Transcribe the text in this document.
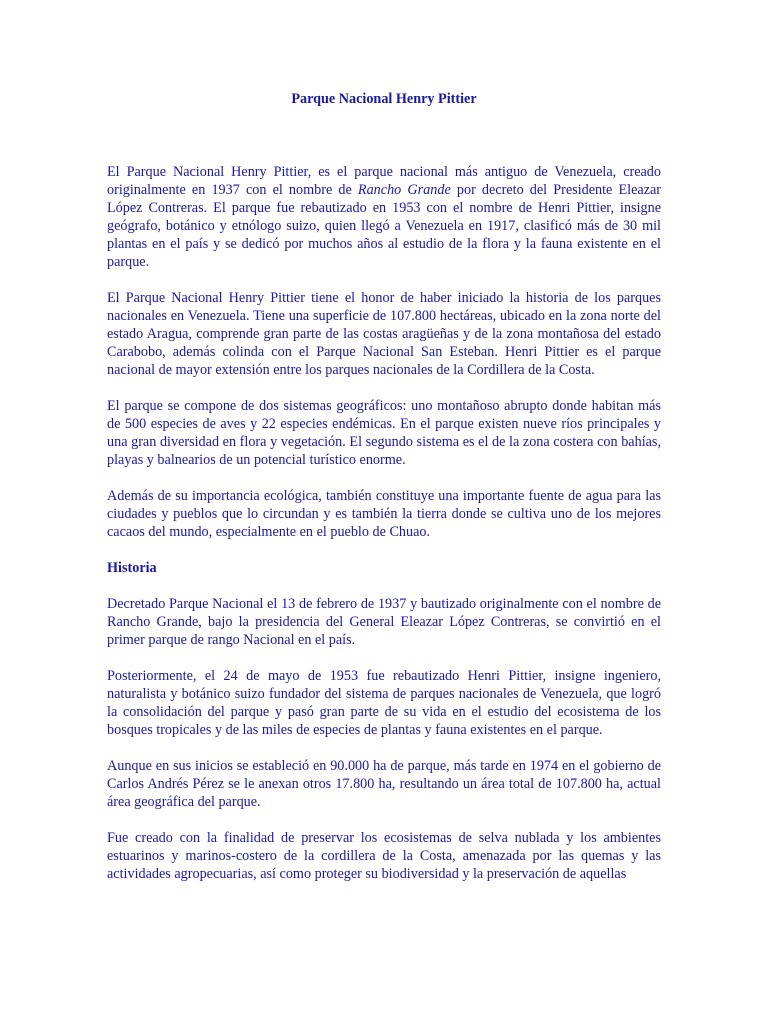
Parque Nacional Henry Pittier

El Parque Nacional Henry Pittier, es el parque nacional más antiguo de Venezuela, creado originalmente en 1937 con el nombre de Rancho Grande por decreto del Presidente Eleazar López Contreras. El parque fue rebautizado en 1953 con el nombre de Henri Pittier, insigne geógrafo, botánico y etnólogo suizo, quien llegó a Venezuela en 1917, clasificó más de 30 mil plantas en el país y se dedicó por muchos años al estudio de la flora y la fauna existente en el parque.

El Parque Nacional Henry Pittier tiene el honor de haber iniciado la historia de los parques nacionales en Venezuela. Tiene una superficie de 107.800 hectáreas, ubicado en la zona norte del estado Aragua, comprende gran parte de las costas aragüeñas y de la zona montañosa del estado Carabobo, además colinda con el Parque Nacional San Esteban. Henri Pittier es el parque nacional de mayor extensión entre los parques nacionales de la Cordillera de la Costa.

El parque se compone de dos sistemas geográficos: uno montañoso abrupto donde habitan más de 500 especies de aves y 22 especies endémicas. En el parque existen nueve ríos principales y una gran diversidad en flora y vegetación. El segundo sistema es el de la zona costera con bahías, playas y balnearios de un potencial turístico enorme.

Además de su importancia ecológica, también constituye una importante fuente de agua para las ciudades y pueblos que lo circundan y es también la tierra donde se cultiva uno de los mejores cacaos del mundo, especialmente en el pueblo de Chuao.

Historia

Decretado Parque Nacional el 13 de febrero de 1937 y bautizado originalmente con el nombre de Rancho Grande, bajo la presidencia del General Eleazar López Contreras, se convirtió en el primer parque de rango Nacional en el país.

Posteriormente, el 24 de mayo de 1953 fue rebautizado Henri Pittier, insigne ingeniero, naturalista y botánico suizo fundador del sistema de parques nacionales de Venezuela, que logró la consolidación del parque y pasó gran parte de su vida en el estudio del ecosistema de los bosques tropicales y de las miles de especies de plantas y fauna existentes en el parque.

Aunque en sus inicios se estableció en 90.000 ha de parque, más tarde en 1974 en el gobierno de Carlos Andrés Pérez se le anexan otros 17.800 ha, resultando un área total de 107.800 ha, actual área geográfica del parque.

Fue creado con la finalidad de preservar los ecosistemas de selva nublada y los ambientes estuarinos y marinos-costero de la cordillera de la Costa, amenazada por las quemas y las actividades agropecuarias, así como proteger su biodiversidad y la preservación de aquellas
